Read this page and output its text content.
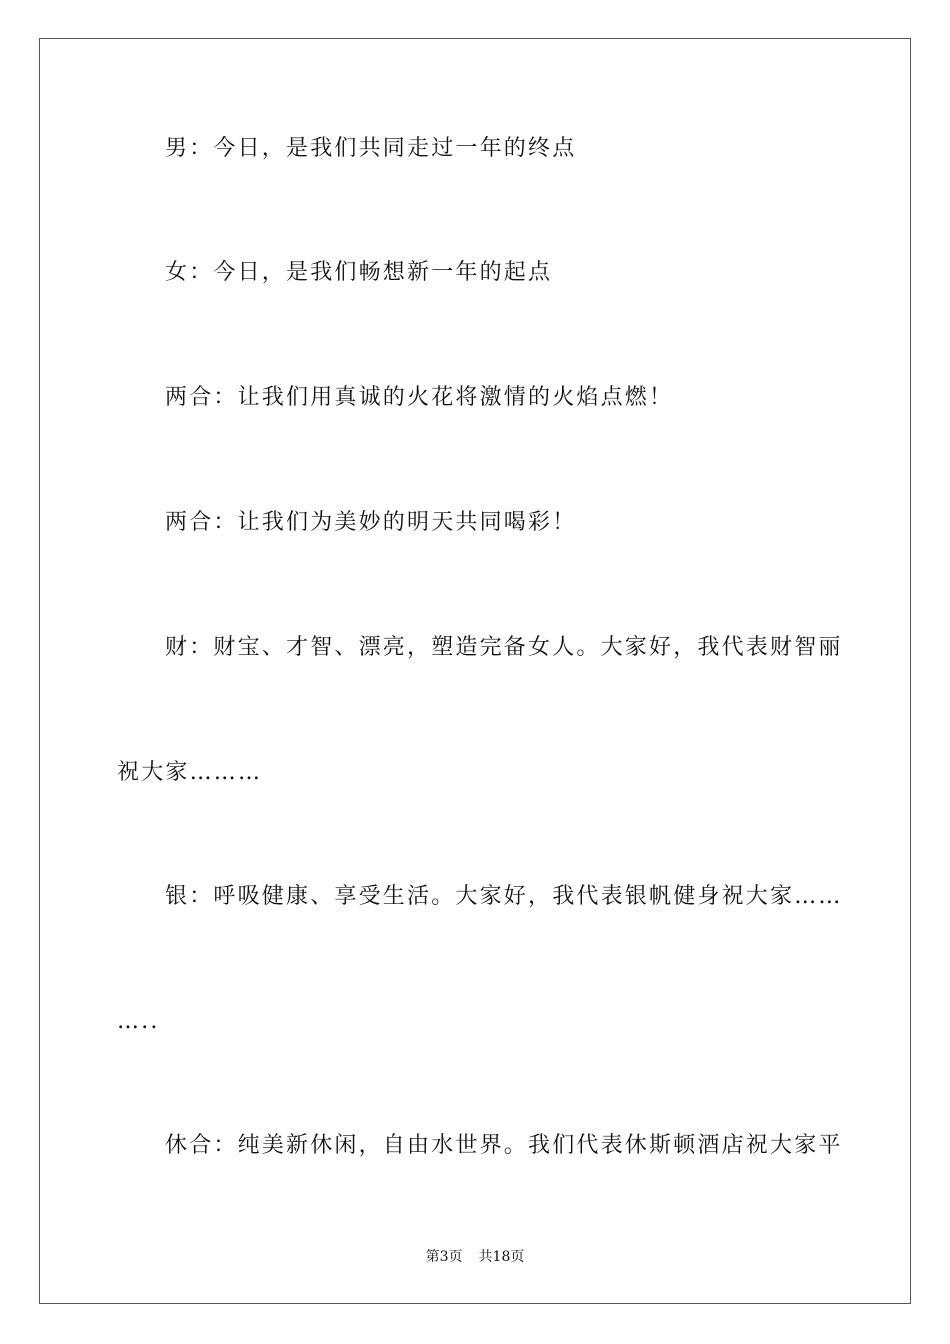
男：今日，是我们共同走过一年的终点
女：今日，是我们畅想新一年的起点
两合：让我们用真诚的火花将激情的火焰点燃！
两合：让我们为美妙的明天共同喝彩！
财：财宝、才智、漂亮，塑造完备女人。大家好，我代表财智丽
祝大家………
银：呼吸健康、享受生活。大家好，我代表银帆健身祝大家……
…..
休合：纯美新休闲，自由水世界。我们代表休斯顿酒店祝大家平
第3页 共18页
